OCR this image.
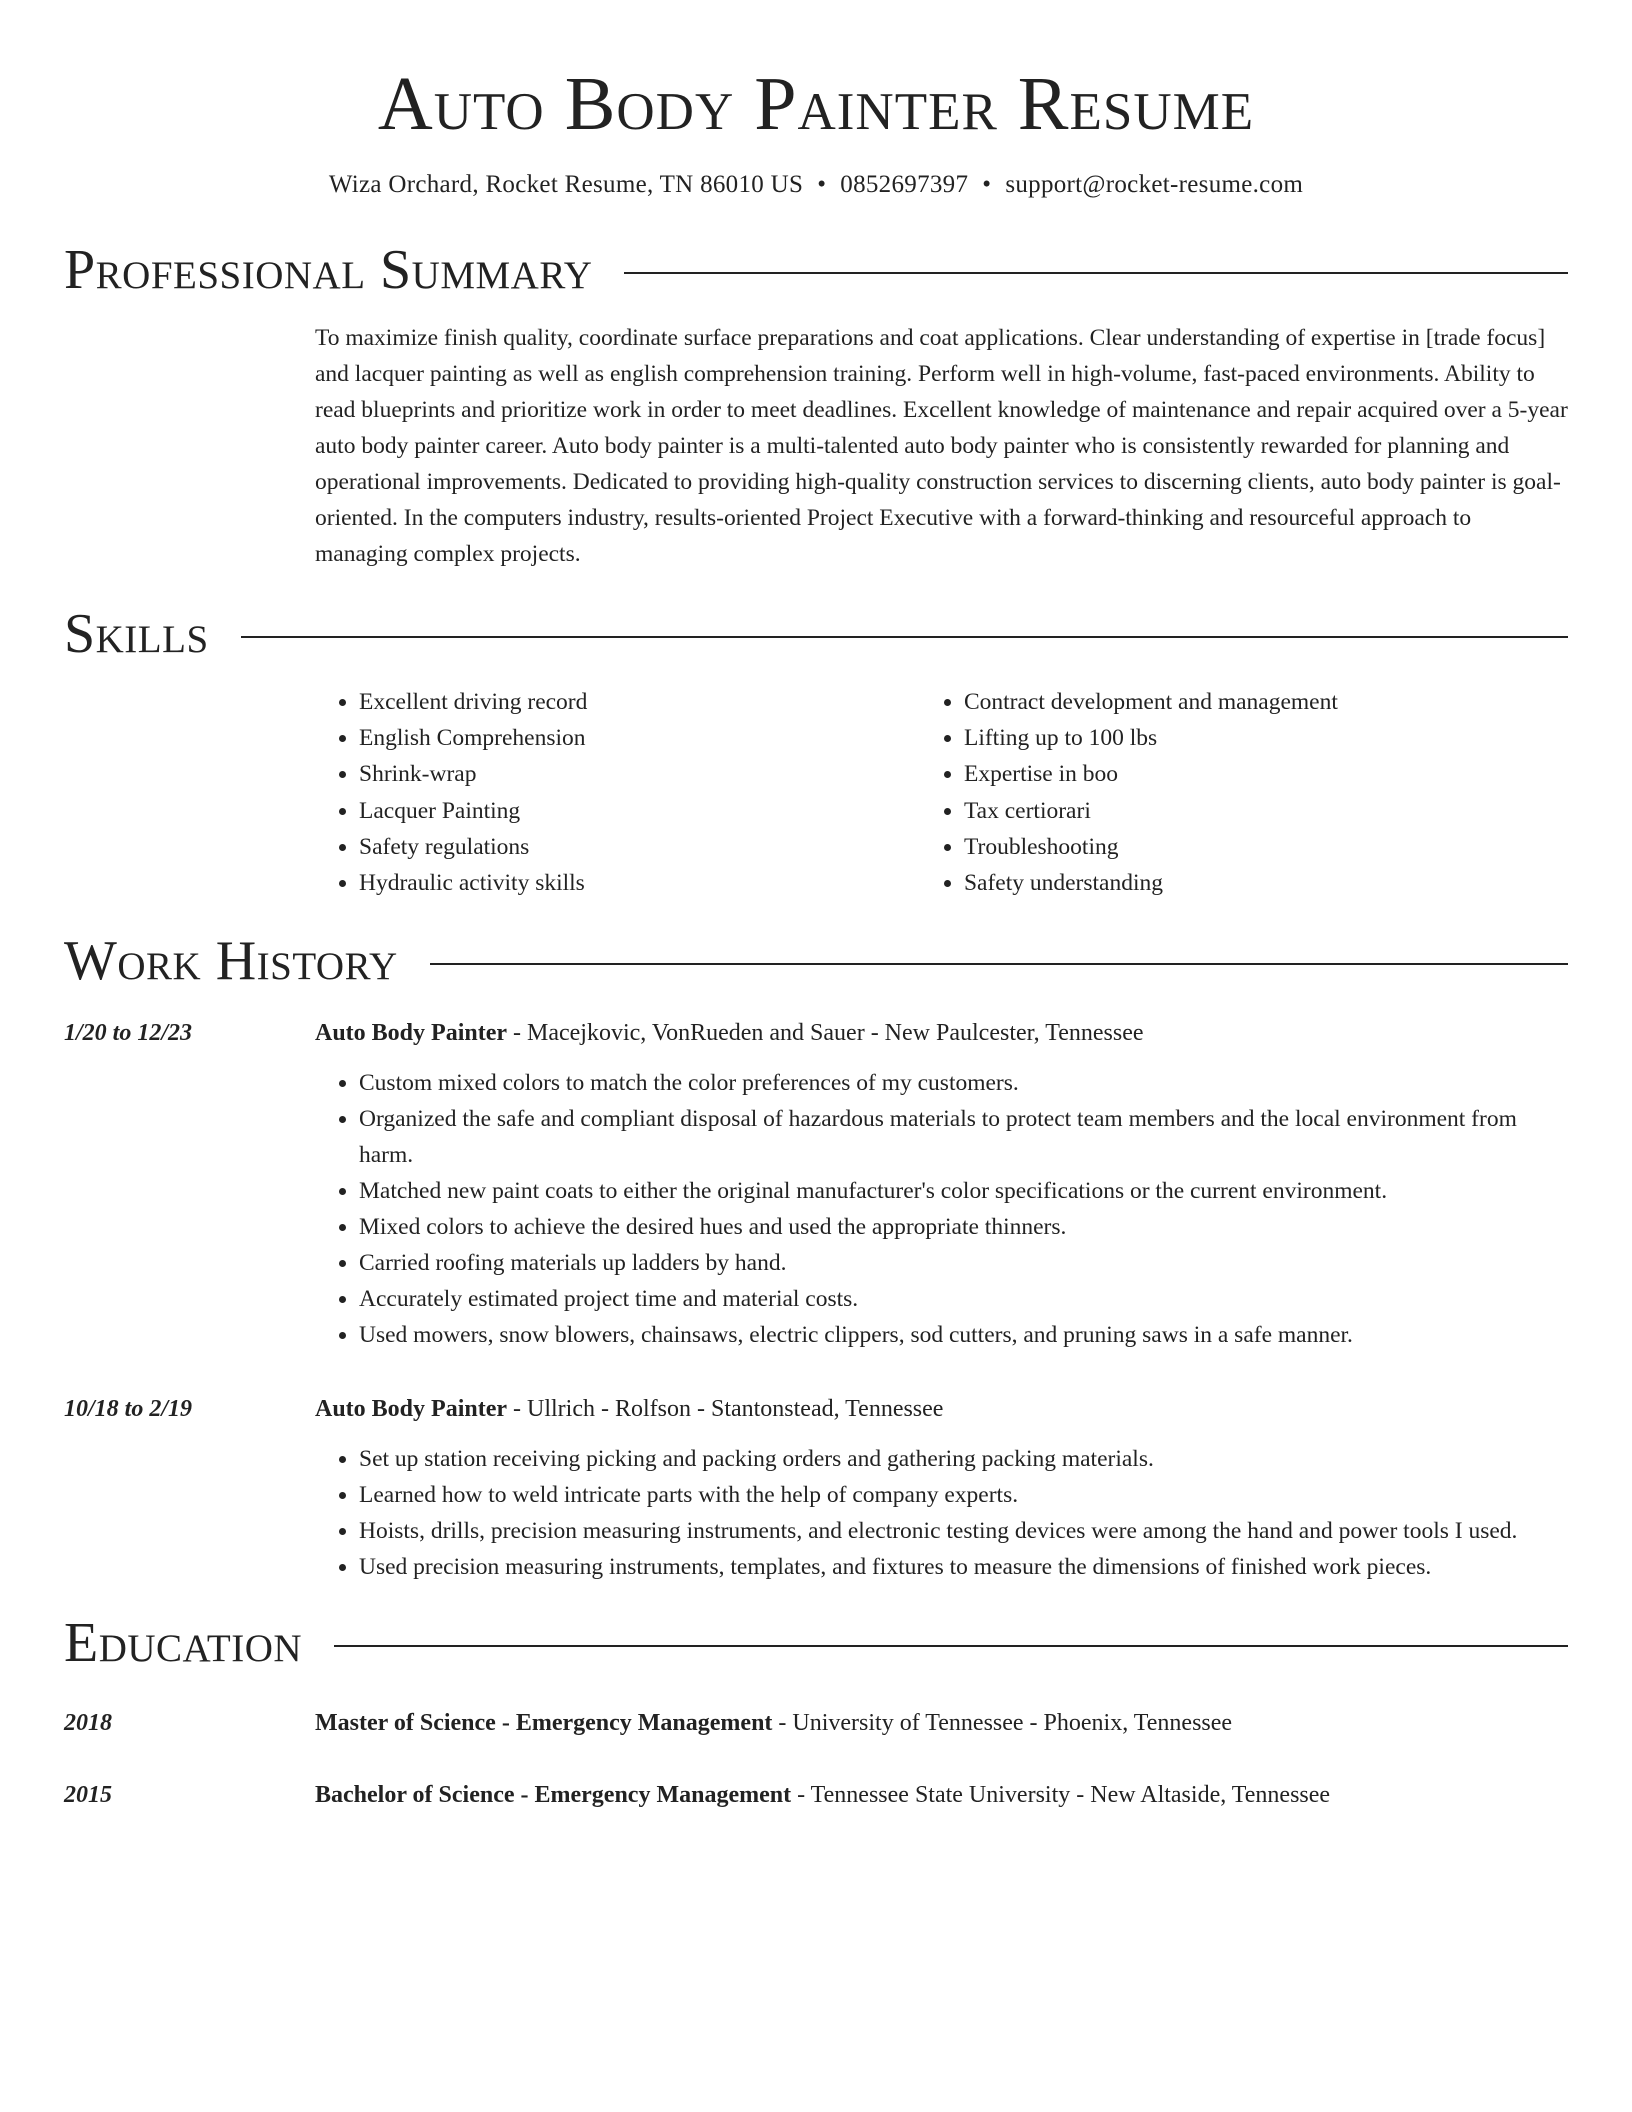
Auto Body Painter Resume
Wiza Orchard, Rocket Resume, TN 86010 US • 0852697397 • support@rocket-resume.com
Professional Summary
To maximize finish quality, coordinate surface preparations and coat applications. Clear understanding of expertise in [trade focus] and lacquer painting as well as english comprehension training. Perform well in high-volume, fast-paced environments. Ability to read blueprints and prioritize work in order to meet deadlines. Excellent knowledge of maintenance and repair acquired over a 5-year auto body painter career. Auto body painter is a multi-talented auto body painter who is consistently rewarded for planning and operational improvements. Dedicated to providing high-quality construction services to discerning clients, auto body painter is goal-oriented. In the computers industry, results-oriented Project Executive with a forward-thinking and resourceful approach to managing complex projects.
Skills
• Excellent driving record
• English Comprehension
• Shrink-wrap
• Lacquer Painting
• Safety regulations
• Hydraulic activity skills
• Contract development and management
• Lifting up to 100 lbs
• Expertise in boo
• Tax certiorari
• Troubleshooting
• Safety understanding
Work History
1/20 to 12/23	Auto Body Painter - Macejkovic, VonRueden and Sauer - New Paulcester, Tennessee
• Custom mixed colors to match the color preferences of my customers.
• Organized the safe and compliant disposal of hazardous materials to protect team members and the local environment from harm.
• Matched new paint coats to either the original manufacturer's color specifications or the current environment.
• Mixed colors to achieve the desired hues and used the appropriate thinners.
• Carried roofing materials up ladders by hand.
• Accurately estimated project time and material costs.
• Used mowers, snow blowers, chainsaws, electric clippers, sod cutters, and pruning saws in a safe manner.
10/18 to 2/19	Auto Body Painter - Ullrich - Rolfson - Stantonstead, Tennessee
• Set up station receiving picking and packing orders and gathering packing materials.
• Learned how to weld intricate parts with the help of company experts.
• Hoists, drills, precision measuring instruments, and electronic testing devices were among the hand and power tools I used.
• Used precision measuring instruments, templates, and fixtures to measure the dimensions of finished work pieces.
Education
2018	Master of Science - Emergency Management - University of Tennessee - Phoenix, Tennessee
2015	Bachelor of Science - Emergency Management - Tennessee State University - New Altaside, Tennessee
